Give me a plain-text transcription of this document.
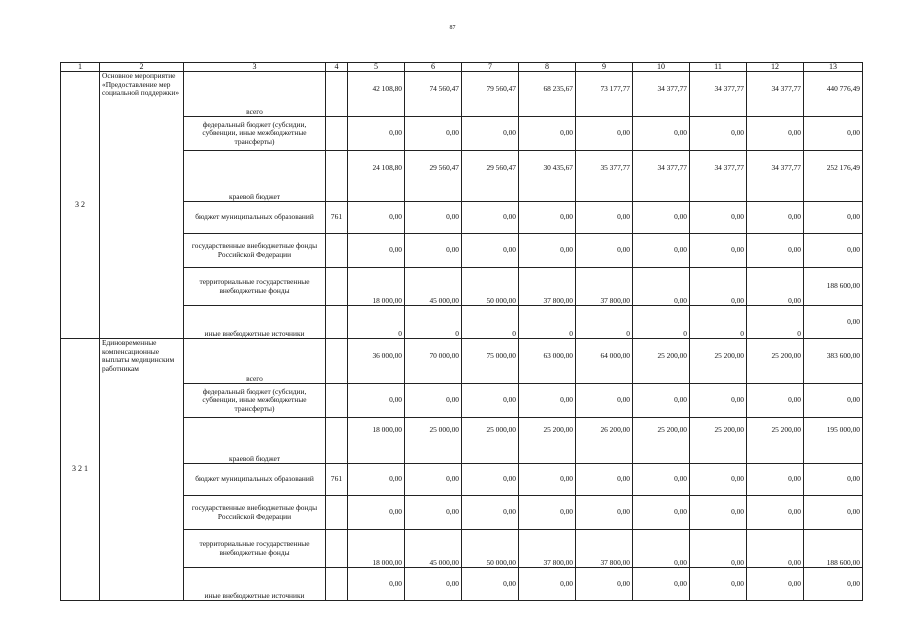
87
1	2	3	4	5	6	7	8	9	10	11	12	13
3 2	Основное мероприятие «Предоставление мер социальной поддержки»	всего		42 108,80	74 560,47	79 560,47	68 235,67	73 177,77	34 377,77	34 377,77	34 377,77	440 776,49
		федеральный бюджет (субсидии, субвенции, иные межбюджетные трансферты)		0,00	0,00	0,00	0,00	0,00	0,00	0,00	0,00	0,00
		краевой бюджет		24 108,80	29 560,47	29 560,47	30 435,67	35 377,77	34 377,77	34 377,77	34 377,77	252 176,49
		бюджет муниципальных образований	761	0,00	0,00	0,00	0,00	0,00	0,00	0,00	0,00	0,00
		государственные внебюджетные фонды Российской Федерации		0,00	0,00	0,00	0,00	0,00	0,00	0,00	0,00	0,00
		территориальные государственные внебюджетные фонды		18 000,00	45 000,00	50 000,00	37 800,00	37 800,00	0,00	0,00	0,00	188 600,00
		иные внебюджетные источники		0	0	0	0	0	0	0	0	0,00
3 2 1	Единовременные компенсационные выплаты медицинским работникам	всего		36 000,00	70 000,00	75 000,00	63 000,00	64 000,00	25 200,00	25 200,00	25 200,00	383 600,00
		федеральный бюджет (субсидии, субвенции, иные межбюджетные трансферты)		0,00	0,00	0,00	0,00	0,00	0,00	0,00	0,00	0,00
		краевой бюджет		18 000,00	25 000,00	25 000,00	25 200,00	26 200,00	25 200,00	25 200,00	25 200,00	195 000,00
		бюджет муниципальных образований	761	0,00	0,00	0,00	0,00	0,00	0,00	0,00	0,00	0,00
		государственные внебюджетные фонды Российской Федерации		0,00	0,00	0,00	0,00	0,00	0,00	0,00	0,00	0,00
		территориальные государственные внебюджетные фонды		18 000,00	45 000,00	50 000,00	37 800,00	37 800,00	0,00	0,00	0,00	188 600,00
		иные внебюджетные источники		0,00	0,00	0,00	0,00	0,00	0,00	0,00	0,00	0,00
